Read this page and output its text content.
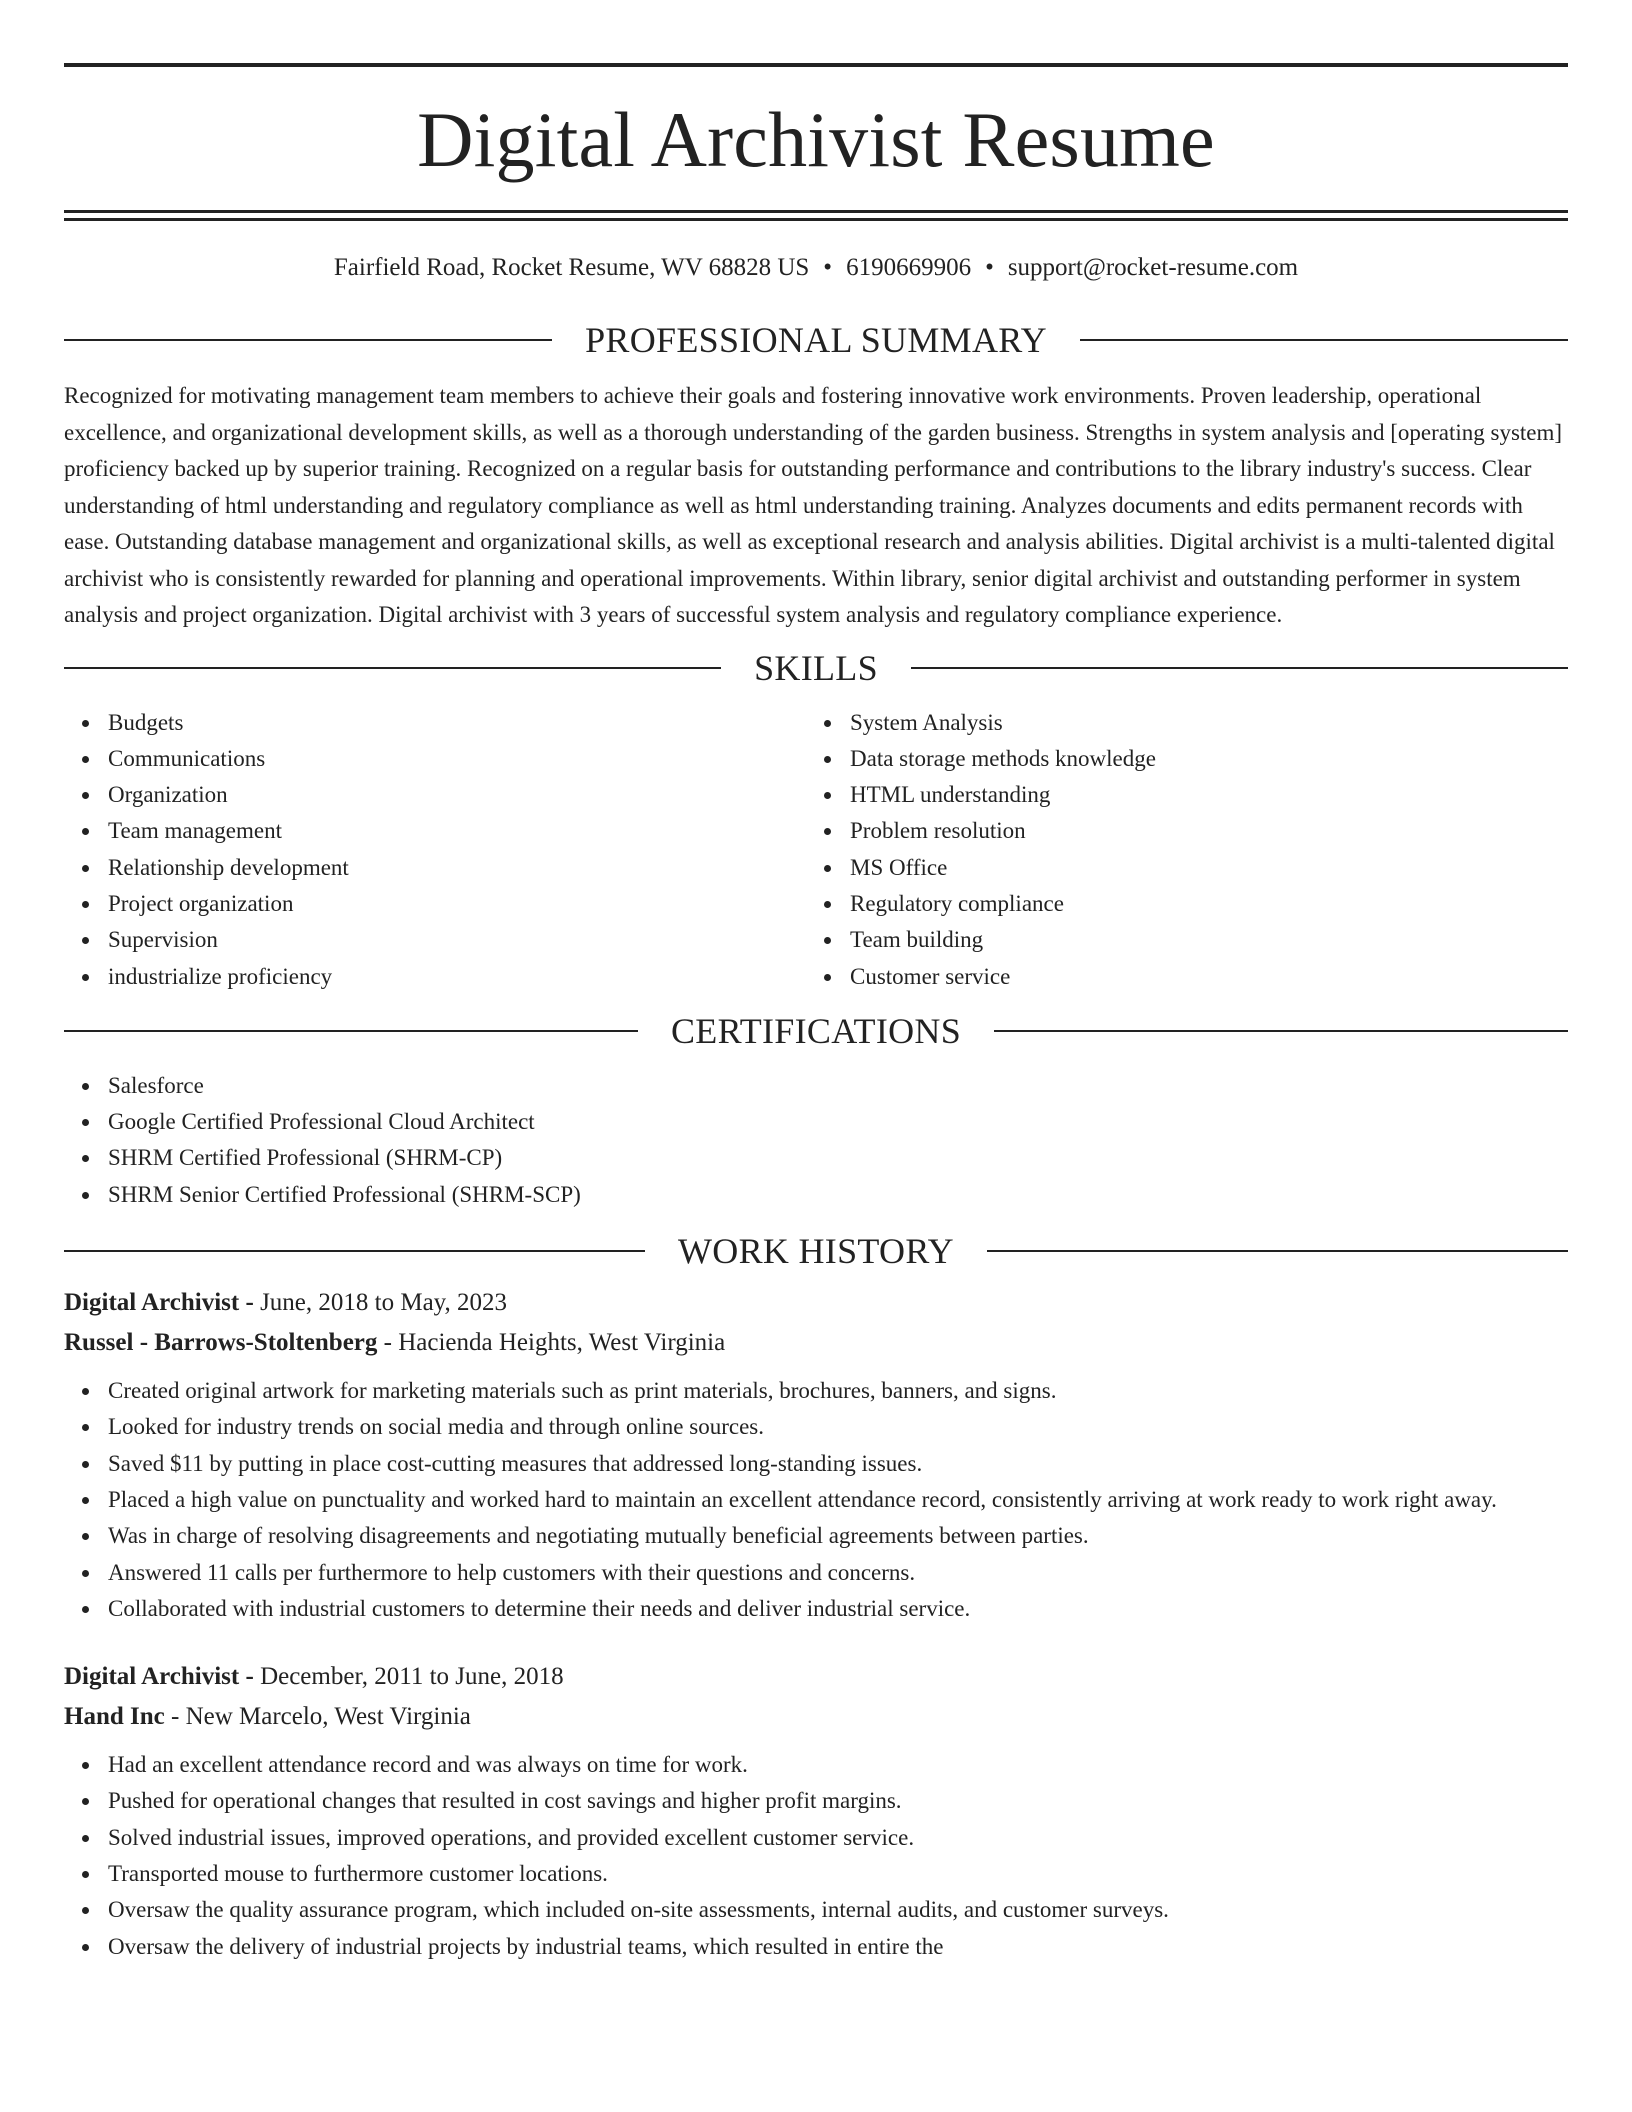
Digital Archivist Resume
Fairfield Road, Rocket Resume, WV 68828 US • 6190669906 • support@rocket-resume.com
PROFESSIONAL SUMMARY

Recognized for motivating management team members to achieve their goals and fostering innovative work environments. Proven leadership, operational excellence, and organizational development skills, as well as a thorough understanding of the garden business. Strengths in system analysis and [operating system] proficiency backed up by superior training. Recognized on a regular basis for outstanding performance and contributions to the library industry's success. Clear understanding of html understanding and regulatory compliance as well as html understanding training. Analyzes documents and edits permanent records with ease. Outstanding database management and organizational skills, as well as exceptional research and analysis abilities. Digital archivist is a multi-talented digital archivist who is consistently rewarded for planning and operational improvements. Within library, senior digital archivist and outstanding performer in system analysis and project organization. Digital archivist with 3 years of successful system analysis and regulatory compliance experience.

SKILLS
Budgets
Communications
Organization
Team management
Relationship development
Project organization
Supervision
industrialize proficiency
System Analysis
Data storage methods knowledge
HTML understanding
Problem resolution
MS Office
Regulatory compliance
Team building
Customer service
CERTIFICATIONS
Salesforce
Google Certified Professional Cloud Architect
SHRM Certified Professional (SHRM-CP)
SHRM Senior Certified Professional (SHRM-SCP)
WORK HISTORY
Digital Archivist - June, 2018 to May, 2023
Russel - Barrows-Stoltenberg - Hacienda Heights, West Virginia
Created original artwork for marketing materials such as print materials, brochures, banners, and signs.
Looked for industry trends on social media and through online sources.
Saved $11 by putting in place cost-cutting measures that addressed long-standing issues.
Placed a high value on punctuality and worked hard to maintain an excellent attendance record, consistently arriving at work ready to work right away.
Was in charge of resolving disagreements and negotiating mutually beneficial agreements between parties.
Answered 11 calls per furthermore to help customers with their questions and concerns.
Collaborated with industrial customers to determine their needs and deliver industrial service.
Digital Archivist - December, 2011 to June, 2018
Hand Inc - New Marcelo, West Virginia
Had an excellent attendance record and was always on time for work.
Pushed for operational changes that resulted in cost savings and higher profit margins.
Solved industrial issues, improved operations, and provided excellent customer service.
Transported mouse to furthermore customer locations.
Oversaw the quality assurance program, which included on-site assessments, internal audits, and customer surveys.
Oversaw the delivery of industrial projects by industrial teams, which resulted in entire the
